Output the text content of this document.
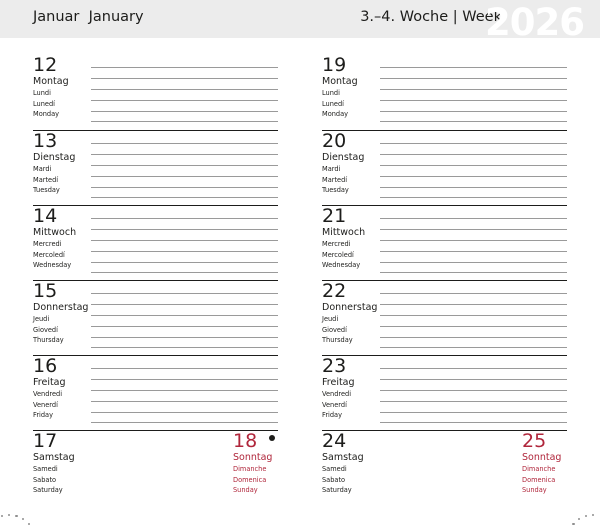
Januar  January	3.–4. Woche | Week
2026
12
Montag
Lundi
Lunedí
Monday
13
Dienstag
Mardi
Martedí
Tuesday
14
Mittwoch
Mercredi
Mercoledí
Wednesday
15
Donnerstag
Jeudi
Giovedí
Thursday
16
Freitag
Vendredi
Venerdí
Friday
17
Samstag
Samedi
Sabato
Saturday
18
Sonntag
Dimanche
Domenica
Sunday
19
Montag
Lundi
Lunedí
Monday
20
Dienstag
Mardi
Martedí
Tuesday
21
Mittwoch
Mercredi
Mercoledí
Wednesday
22
Donnerstag
Jeudi
Giovedí
Thursday
23
Freitag
Vendredi
Venerdí
Friday
24
Samstag
Samedi
Sabato
Saturday
25
Sonntag
Dimanche
Domenica
Sunday
